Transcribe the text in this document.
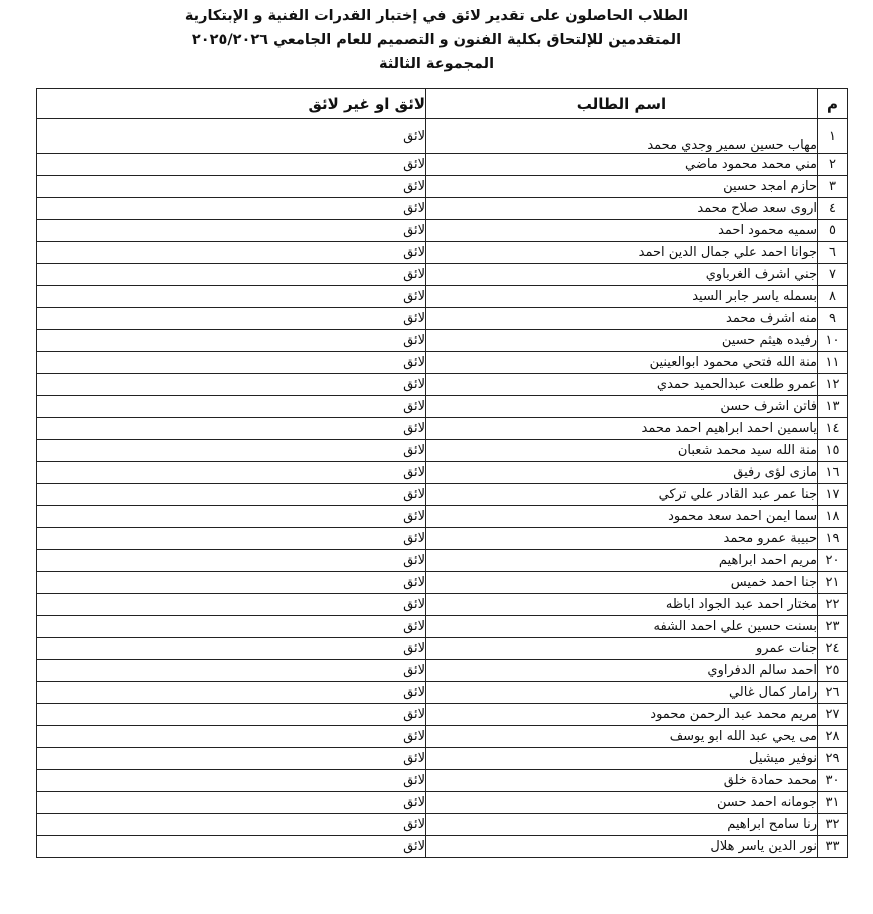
الطلاب الحاصلون على تقدير لائق في إختبار القدرات الفنية و الإبتكارية
المتقدمين للإلتحاق بكلية الفنون و التصميم للعام الجامعي ٢٠٢٥/٢٠٢٦
المجموعة الثالثة
م	اسم الطالب	لائق او غير لائق
١	مهاب حسين سمير وجدي محمد	لائق
٢	مني محمد محمود ماضي	لائق
٣	حازم امجد حسين	لائق
٤	اروى سعد صلاح محمد	لائق
٥	سميه محمود احمد	لائق
٦	جوانا احمد علي جمال الدين احمد	لائق
٧	جني اشرف الغرباوي	لائق
٨	بسمله ياسر جابر السيد	لائق
٩	منه اشرف محمد	لائق
١٠	رفيده هيثم حسين	لائق
١١	منة الله فتحي محمود ابوالعينين	لائق
١٢	عمرو طلعت عبدالحميد حمدي	لائق
١٣	فاتن اشرف حسن	لائق
١٤	ياسمين احمد ابراهيم احمد محمد	لائق
١٥	منة الله سيد محمد شعبان	لائق
١٦	مازى لؤى رفيق	لائق
١٧	جنا عمر عبد القادر علي تركي	لائق
١٨	سما ايمن احمد سعد محمود	لائق
١٩	حبيبة عمرو محمد	لائق
٢٠	مريم احمد ابراهيم	لائق
٢١	جنا احمد خميس	لائق
٢٢	مختار احمد عبد الجواد اباظه	لائق
٢٣	بسنت حسين علي احمد الشفه	لائق
٢٤	جنات عمرو	لائق
٢٥	احمد سالم الدفراوي	لائق
٢٦	رامار كمال غالي	لائق
٢٧	مريم محمد عبد الرحمن محمود	لائق
٢٨	مى يحي عبد الله ابو يوسف	لائق
٢٩	نوفير ميشيل	لائق
٣٠	محمد حمادة خلق	لائق
٣١	جومانه احمد حسن	لائق
٣٢	رنا سامح ابراهيم	لائق
٣٣	نور الدين ياسر هلال	لائق
